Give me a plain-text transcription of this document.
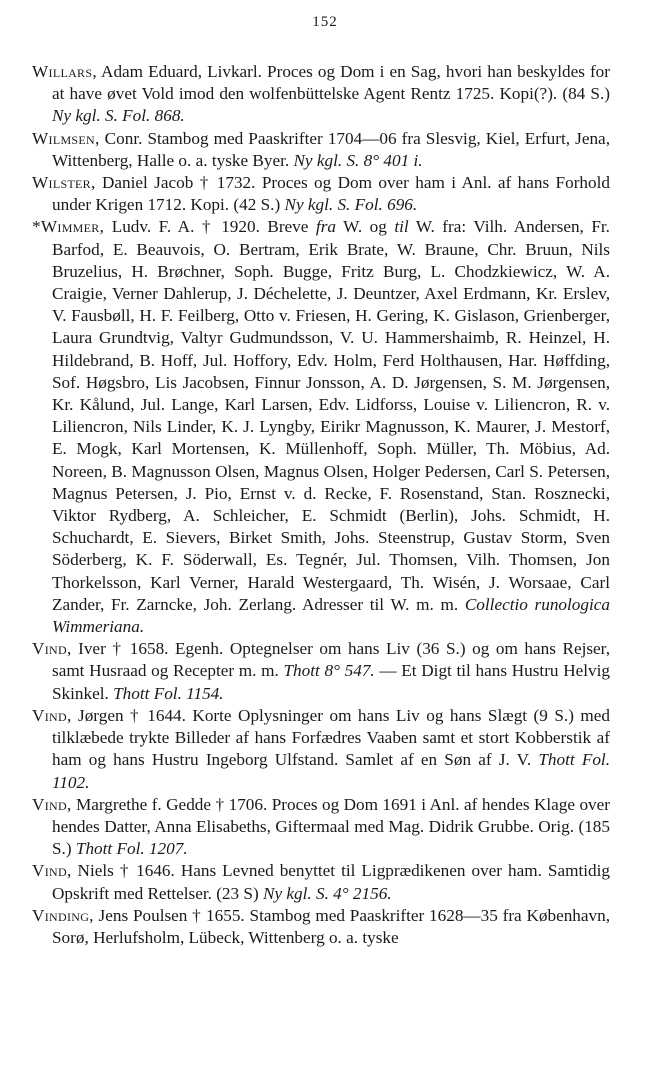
152

Willars, Adam Eduard, Livkarl. Proces og Dom i en Sag, hvori han beskyldes for at have øvet Vold imod den wolfenbüttelske Agent Rentz 1725. Kopi(?). (84 S.) Ny kgl. S. Fol. 868.

Wilmsen, Conr. Stambog med Paaskrifter 1704—06 fra Slesvig, Kiel, Erfurt, Jena, Wittenberg, Halle o. a. tyske Byer. Ny kgl. S. 8° 401 i.

Wilster, Daniel Jacob † 1732. Proces og Dom over ham i Anl. af hans Forhold under Krigen 1712. Kopi. (42 S.) Ny kgl. S. Fol. 696.

*Wimmer, Ludv. F. A. † 1920. Breve fra W. og til W. fra: Vilh. Andersen, Fr. Barfod, E. Beauvois, O. Bertram, Erik Brate, W. Braune, Chr. Bruun, Nils Bruzelius, H. Brøchner, Soph. Bugge, Fritz Burg, L. Chodzkiewicz, W. A. Craigie, Verner Dahlerup, J. Déchelette, J. Deuntzer, Axel Erdmann, Kr. Erslev, V. Fausbøll, H. F. Feilberg, Otto v. Friesen, H. Gering, K. Gislason, Grienberger, Laura Grundtvig, Valtyr Gudmundsson, V. U. Hammershaimb, R. Heinzel, H. Hildebrand, B. Hoff, Jul. Hoffory, Edv. Holm, Ferd Holthausen, Har. Høffding, Sof. Høgsbro, Lis Jacobsen, Finnur Jonsson, A. D. Jørgensen, S. M. Jørgensen, Kr. Kålund, Jul. Lange, Karl Larsen, Edv. Lidforss, Louise v. Liliencron, R. v. Liliencron, Nils Linder, K. J. Lyngby, Eirikr Magnusson, K. Maurer, J. Mestorf, E. Mogk, Karl Mortensen, K. Müllenhoff, Soph. Müller, Th. Möbius, Ad. Noreen, B. Magnusson Olsen, Magnus Olsen, Holger Pedersen, Carl S. Petersen, Magnus Petersen, J. Pio, Ernst v. d. Recke, F. Rosenstand, Stan. Rosznecki, Viktor Rydberg, A. Schleicher, E. Schmidt (Berlin), Johs. Schmidt, H. Schuchardt, E. Sievers, Birket Smith, Johs. Steenstrup, Gustav Storm, Sven Söderberg, K. F. Söderwall, Es. Tegnér, Jul. Thomsen, Vilh. Thomsen, Jon Thorkelsson, Karl Verner, Harald Westergaard, Th. Wisén, J. Worsaae, Carl Zander, Fr. Zarncke, Joh. Zerlang. Adresser til W. m. m. Collectio runologica Wimmeriana.

Vind, Iver † 1658. Egenh. Optegnelser om hans Liv (36 S.) og om hans Rejser, samt Husraad og Recepter m. m. Thott 8° 547. — Et Digt til hans Hustru Helvig Skinkel. Thott Fol. 1154.

Vind, Jørgen † 1644. Korte Oplysninger om hans Liv og hans Slægt (9 S.) med tilklæbede trykte Billeder af hans Forfædres Vaaben samt et stort Kobberstik af ham og hans Hustru Ingeborg Ulfstand. Samlet af en Søn af J. V. Thott Fol. 1102.

Vind, Margrethe f. Gedde † 1706. Proces og Dom 1691 i Anl. af hendes Klage over hendes Datter, Anna Elisabeths, Giftermaal med Mag. Didrik Grubbe. Orig. (185 S.) Thott Fol. 1207.

Vind, Niels † 1646. Hans Levned benyttet til Ligprædikenen over ham. Samtidig Opskrift med Rettelser. (23 S) Ny kgl. S. 4° 2156.

Vinding, Jens Poulsen † 1655. Stambog med Paaskrifter 1628—35 fra København, Sorø, Herlufsholm, Lübeck, Wittenberg o. a. tyske
